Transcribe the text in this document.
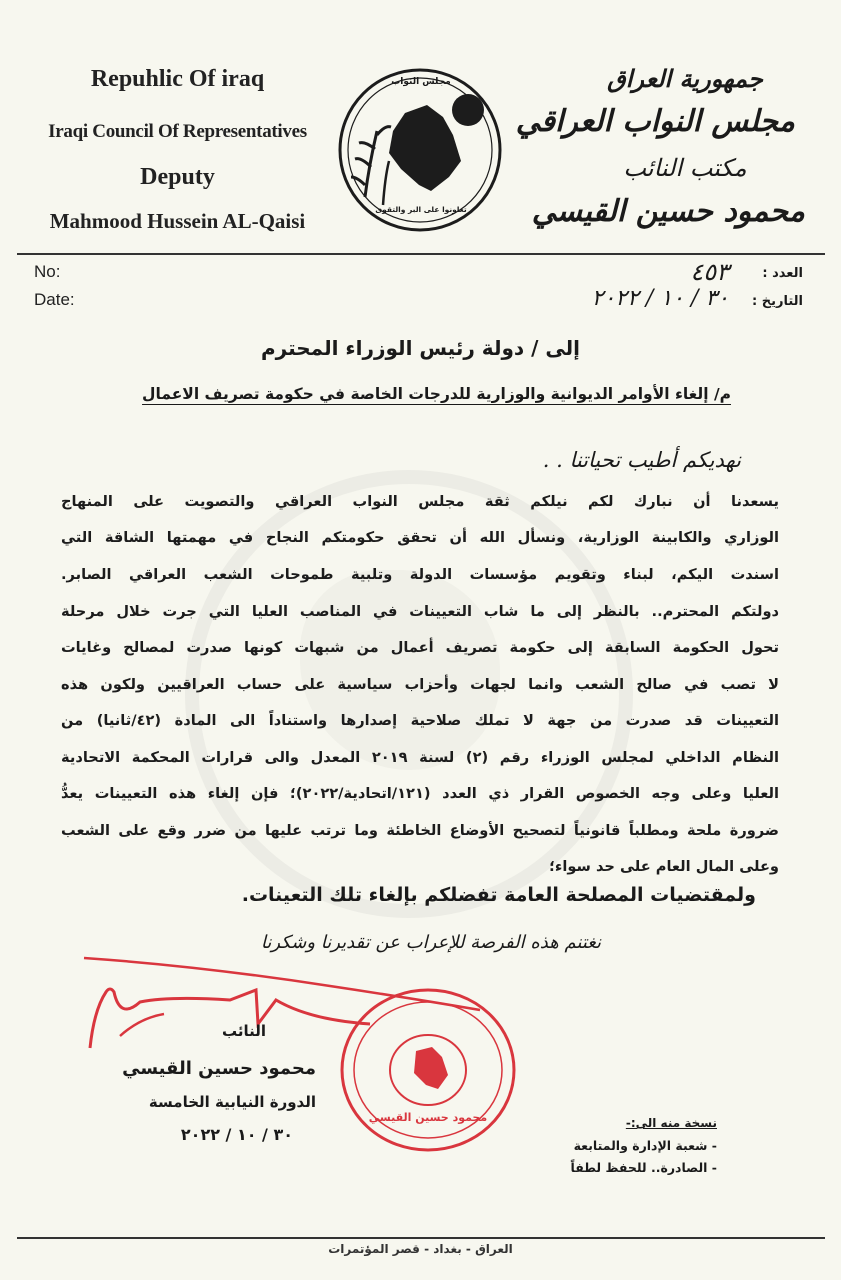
Repuhlic Of iraq
Iraqi Council Of Representatives
Deputy
Mahmood Hussein AL-Qaisi
مجلس النواب
تعاونوا على البر والتقوى
جمهورية العراق
مجلس النواب العراقي
مكتب النائب
محمود حسين القيسي
No:
Date:
العدد :
٤٥٣
التاريخ :
٣٠ / ١٠ / ٢٠٢٢
إلى / دولة رئيس الوزراء المحترم
م/ إلغاء الأوامر الديوانية والوزارية للدرجات الخاصة في حكومة تصريف الاعمال
نهديكم أطيب تحياتنا . .
يسعدنا أن نبارك لكم نيلكم ثقة مجلس النواب العراقي والتصويت على المنهاج
الوزاري والكابينة الوزارية، ونسأل الله أن تحقق حكومتكم النجاح في مهمتها الشاقة التي
اسندت اليكم، لبناء وتقويم مؤسسات الدولة وتلبية طموحات الشعب العراقي الصابر.
دولتكم المحترم.. بالنظر إلى ما شاب التعيينات في المناصب العليا التي جرت خلال مرحلة
تحول الحكومة السابقة إلى حكومة تصريف أعمال من شبهات كونها صدرت لمصالح وغايات
لا تصب في صالح الشعب وانما لجهات وأحزاب سياسية على حساب العراقيين ولكون هذه
التعيينات قد صدرت من جهة لا تملك صلاحية إصدارها واستناداً الى المادة (٤٢/ثانيا) من
النظام الداخلي لمجلس الوزراء رقم (٢) لسنة ٢٠١٩ المعدل والى قرارات المحكمة الاتحادية
العليا وعلى وجه الخصوص القرار ذي العدد (١٢١/اتحادية/٢٠٢٢)؛ فإن إلغاء هذه التعيينات يعدُّ
ضرورة ملحة ومطلباً قانونياً لتصحيح الأوضاع الخاطئة وما ترتب عليها من ضرر وقع على الشعب
وعلى المال العام على حد سواء؛
ولمقتضيات المصلحة العامة تفضلكم بإلغاء تلك التعينات.
نغتنم هذه الفرصة للإعراب عن تقديرنا وشكرنا
النائب
محمود حسين القيسي
الدورة النيابية الخامسة
٣٠ / ١٠ / ٢٠٢٢
محمود حسين القيسي	نسخة منه الى:-
- شعبة الإدارة والمتابعة
- الصادرة.. للحفظ لطفاً
العراق - بغداد - قصر المؤتمرات
